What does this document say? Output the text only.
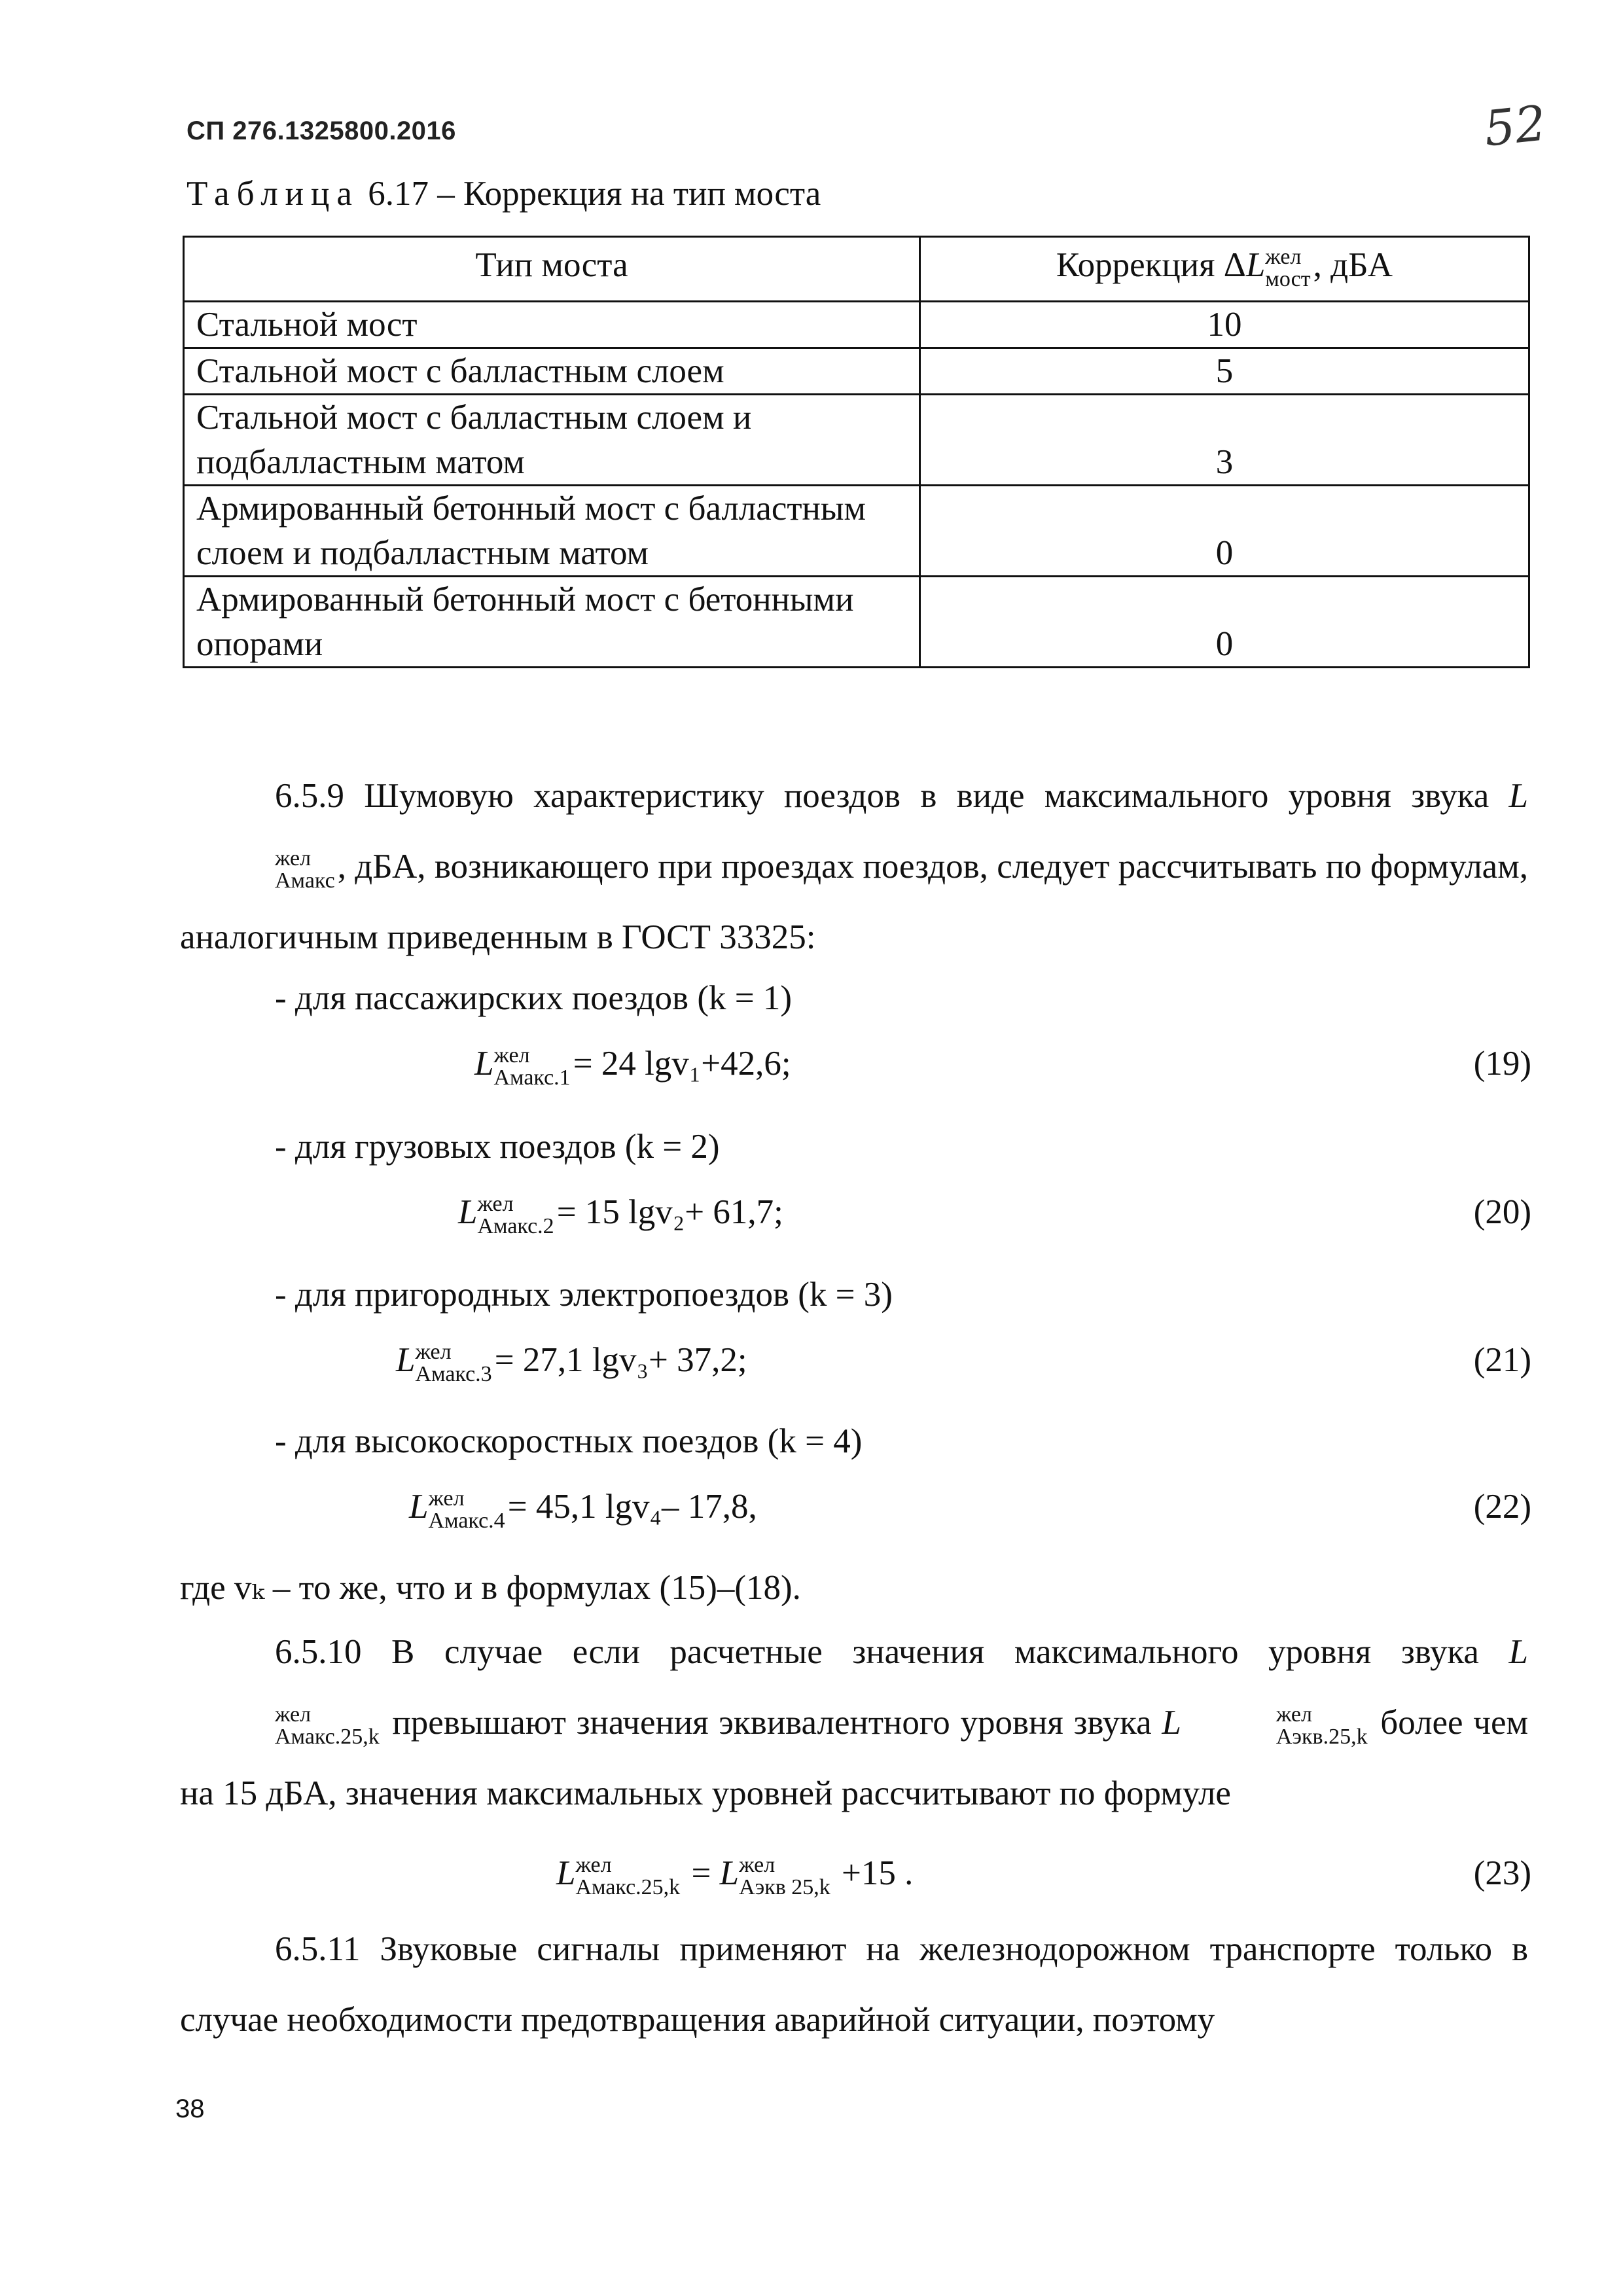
СП 276.1325800.2016	52
Таблица 6.17 – Коррекция на тип моста
Тип моста	Коррекция ΔL жел
мост , дБА
Стальной мост	10
Стальной мост с балластным слоем	5
Стальной мост с балластным слоем и подбалластным матом	3
Армированный бетонный мост с балластным слоем и подбалластным матом	0
Армированный бетонный мост с бетонными опорами	0
6.5.9 Шумовую характеристику поездов в виде максимального уровня звука L
жел
Aмакс , дБА, возникающего при проездах поездов, следует рассчитывать по формулам, аналогичным приведенным в ГОСТ 33325:
- для пассажирских поездов (k = 1)
L жел
Aмакс.1 = 24 lgv₁+42,6;	(19)
- для грузовых поездов (k = 2)
L жел
Aмакс.2 = 15 lgv₂+ 61,7;	(20)
- для пригородных электропоездов (k = 3)
L жел
Aмакс.3 = 27,1 lgv₃+ 37,2;	(21)
- для высокоскоростных поездов (k = 4)
L жел
Aмакс.4 = 45,1 lgv₄– 17,8,	(22)
где vₖ – то же, что и в формулах (15)–(18).
6.5.10 В случае если расчетные значения максимального уровня звука L
жел
Aмакс.25,k превышают значения эквивалентного уровня звука L	жел
Aэкв.25,k более чем на 15 дБА, значения максимальных уровней рассчитывают по формуле
L жел
Aмакс.25,k = L жел
Aэкв 25,k +15 .	(23)
6.5.11 Звуковые сигналы применяют на железнодорожном транспорте только в случае необходимости предотвращения аварийной ситуации, поэтому
38
